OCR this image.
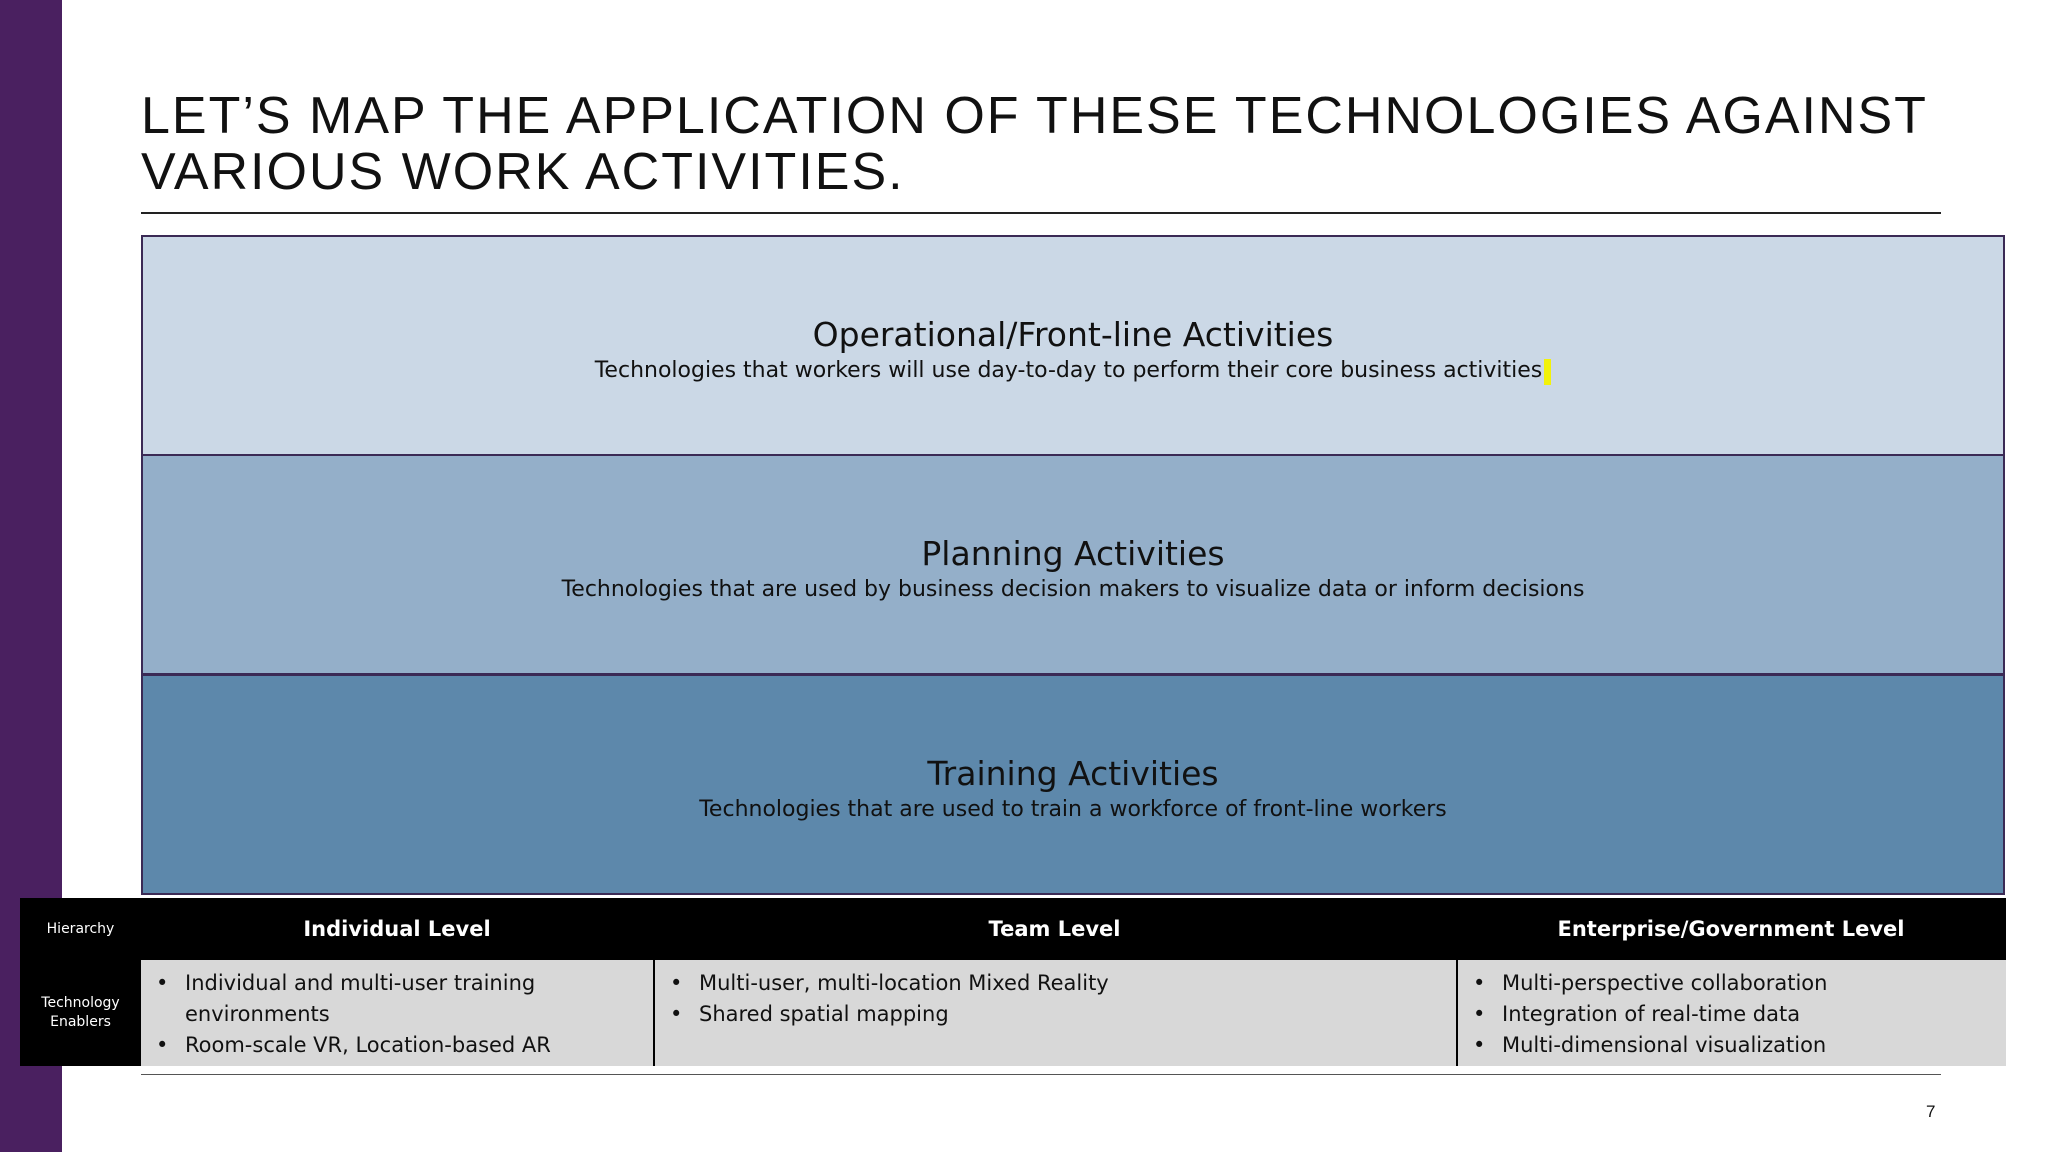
LET’S MAP THE APPLICATION OF THESE TECHNOLOGIES AGAINST VARIOUS WORK ACTIVITIES.
Operational/Front-line Activities
Technologies that workers will use day-to-day to perform their core business activities
Planning Activities
Technologies that are used by business decision makers to visualize data or inform decisions
Training Activities
Technologies that are used to train a workforce of front-line workers
Hierarchy
Technology Enablers
Individual Level	Team Level	Enterprise/Government Level
• Individual and multi-user training environments
• Room-scale VR, Location-based AR
• Multi-user, multi-location Mixed Reality
• Shared spatial mapping
• Multi-perspective collaboration
• Integration of real-time data
• Multi-dimensional visualization
7
